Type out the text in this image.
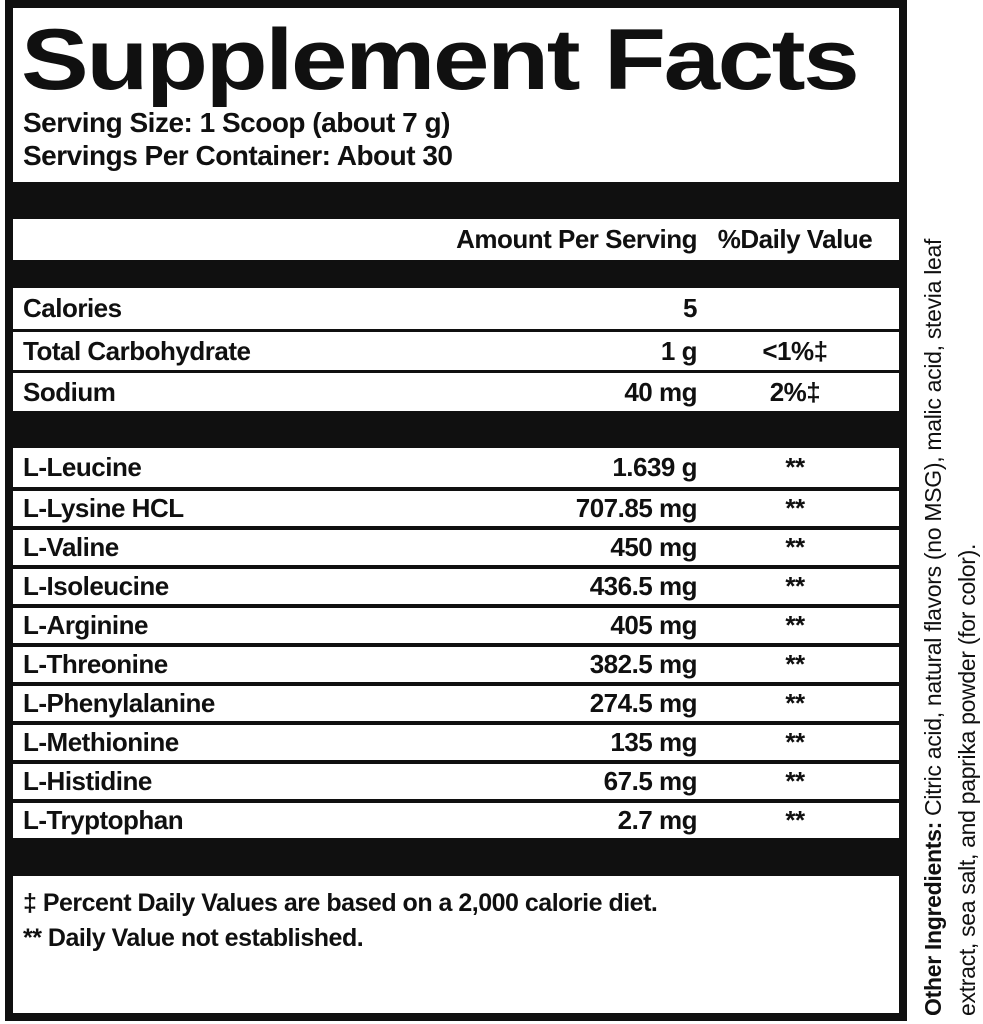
Supplement Facts
Serving Size: 1 Scoop (about 7 g)
Servings Per Container: About 30
Amount Per Serving %Daily Value
Calories	5
Total Carbohydrate	1 g	<1%‡
Sodium	40 mg	2%‡
L-Leucine	1.639 g	**
L-Lysine HCL	707.85 mg	**
L-Valine	450 mg	**
L-Isoleucine	436.5 mg	**
L-Arginine	405 mg	**
L-Threonine	382.5 mg	**
L-Phenylalanine	274.5 mg	**
L-Methionine	135 mg	**
L-Histidine	67.5 mg	**
L-Tryptophan	2.7 mg	**
‡ Percent Daily Values are based on a 2,000 calorie diet.
** Daily Value not established.	Other Ingredients: Citric acid, natural flavors (no MSG), malic acid, stevia leaf extract, sea salt, and paprika powder (for color).
